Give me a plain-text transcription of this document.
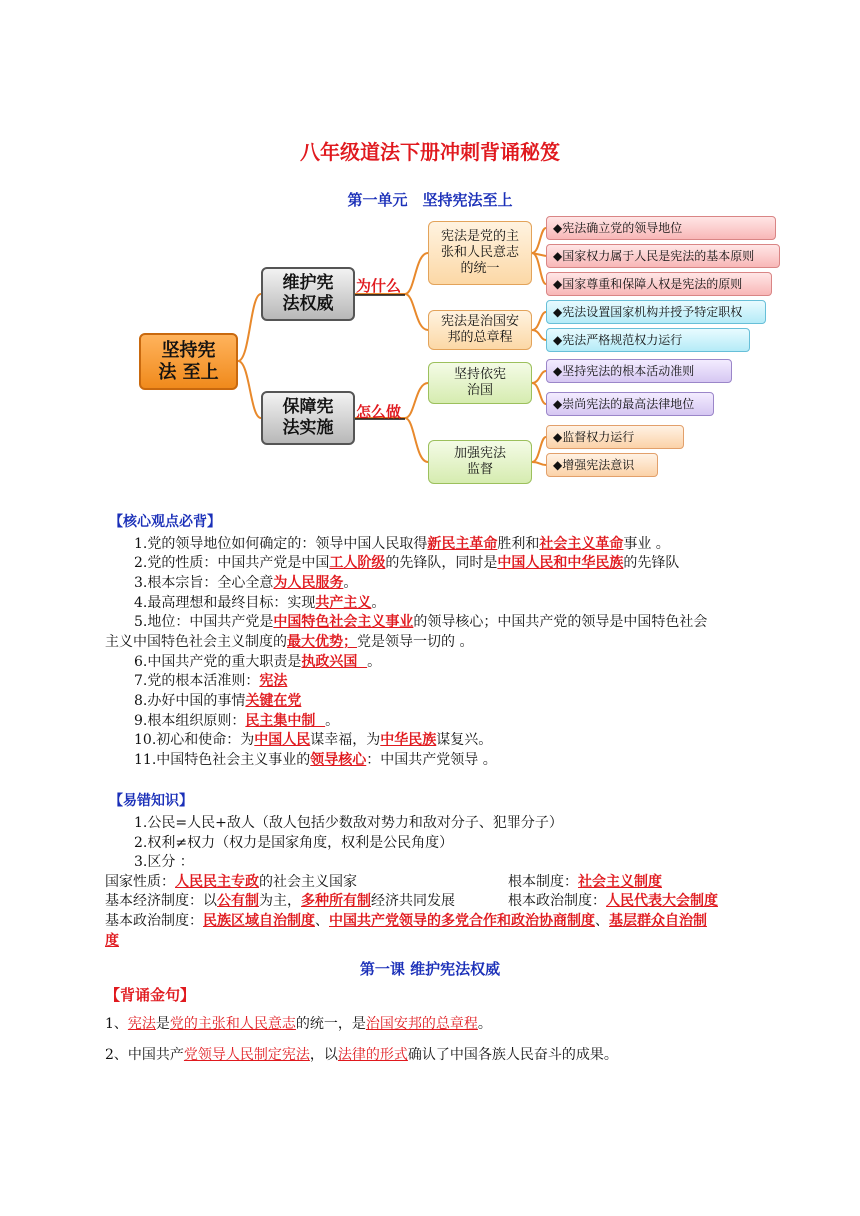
八年级道法下册冲刺背诵秘笈
第一单元　坚持宪法至上
坚持宪法 至上
维护宪法权威
保障宪法实施
为什么
怎么做
宪法是党的主张和人民意志的统一
宪法是治国安邦的总章程
坚持依宪治国
加强宪法监督
◆宪法确立党的领导地位
◆国家权力属于人民是宪法的基本原则
◆国家尊重和保障人权是宪法的原则
◆宪法设置国家机构并授予特定职权
◆宪法严格规范权力运行
◆坚持宪法的根本活动准则
◆崇尚宪法的最高法律地位
◆监督权力运行
◆增强宪法意识
【核心观点必背】
1.党的领导地位如何确定的：领导中国人民取得新民主革命胜利和社会主义革命事业 。
2.党的性质：中国共产党是中国工人阶级的先锋队，同时是中国人民和中华民族的先锋队
3.根本宗旨：全心全意为人民服务。
4.最高理想和最终目标：实现共产主义。
5.地位：中国共产党是中国特色社会主义事业的领导核心；中国共产党的领导是中国特色社会
主义中国特色社会主义制度的最大优势；党是领导一切的 。
6.中国共产党的重大职责是执政兴国  。
7.党的根本活准则：宪法
8.办好中国的事情关键在党
9.根本组织原则：民主集中制  。
10.初心和使命：为中国人民谋幸福，为中华民族谋复兴。
11.中国特色社会主义事业的领导核心：中国共产党领导 。
【易错知识】
1.公民=人民+敌人（敌人包括少数敌对势力和敌对分子、犯罪分子）
2.权利≠权力（权力是国家角度，权利是公民角度）
3.区分 ：
国家性质：人民民主专政的社会主义国家	根本制度：社会主义制度
基本经济制度：以公有制为主，多种所有制经济共同发展	根本政治制度：人民代表大会制度
基本政治制度：民族区域自治制度、中国共产党领导的多党合作和政治协商制度、基层群众自治制
度
第一课 维护宪法权威
【背诵金句】
1、宪法是党的主张和人民意志的统一，是治国安邦的总章程。
2、中国共产党领导人民制定宪法，以法律的形式确认了中国各族人民奋斗的成果。
